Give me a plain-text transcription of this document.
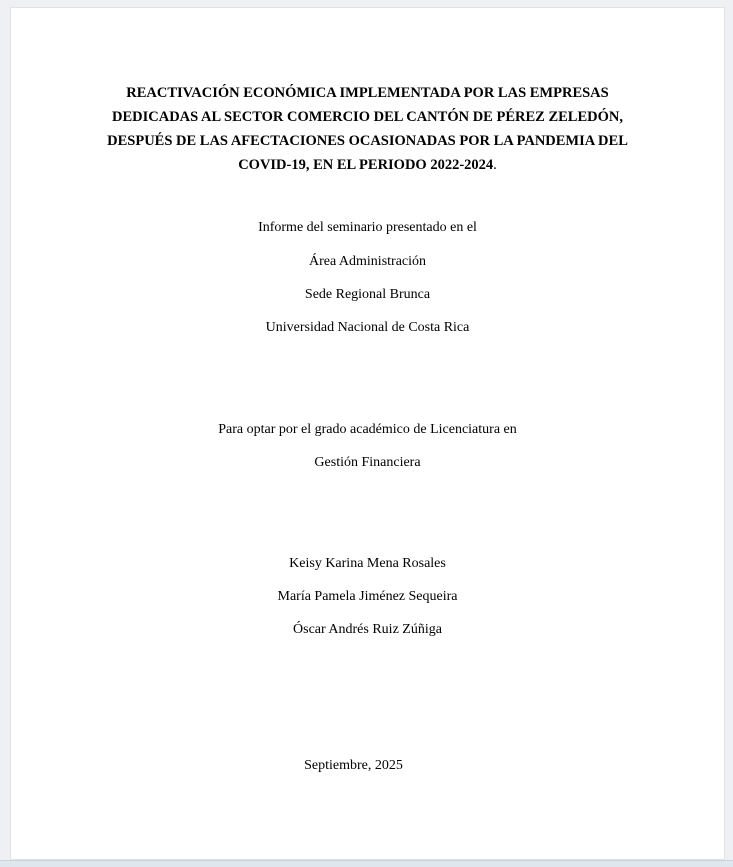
REACTIVACIÓN ECONÓMICA IMPLEMENTADA POR LAS EMPRESAS DEDICADAS AL SECTOR COMERCIO DEL CANTÓN DE PÉREZ ZELEDÓN, DESPUÉS DE LAS AFECTACIONES OCASIONADAS POR LA PANDEMIA DEL COVID-19, EN EL PERIODO 2022-2024.
Informe del seminario presentado en el
Área Administración
Sede Regional Brunca
Universidad Nacional de Costa Rica
Para optar por el grado académico de Licenciatura en
Gestión Financiera
Keisy Karina Mena Rosales
María Pamela Jiménez Sequeira
Óscar Andrés Ruiz Zúñiga
Septiembre, 2025
